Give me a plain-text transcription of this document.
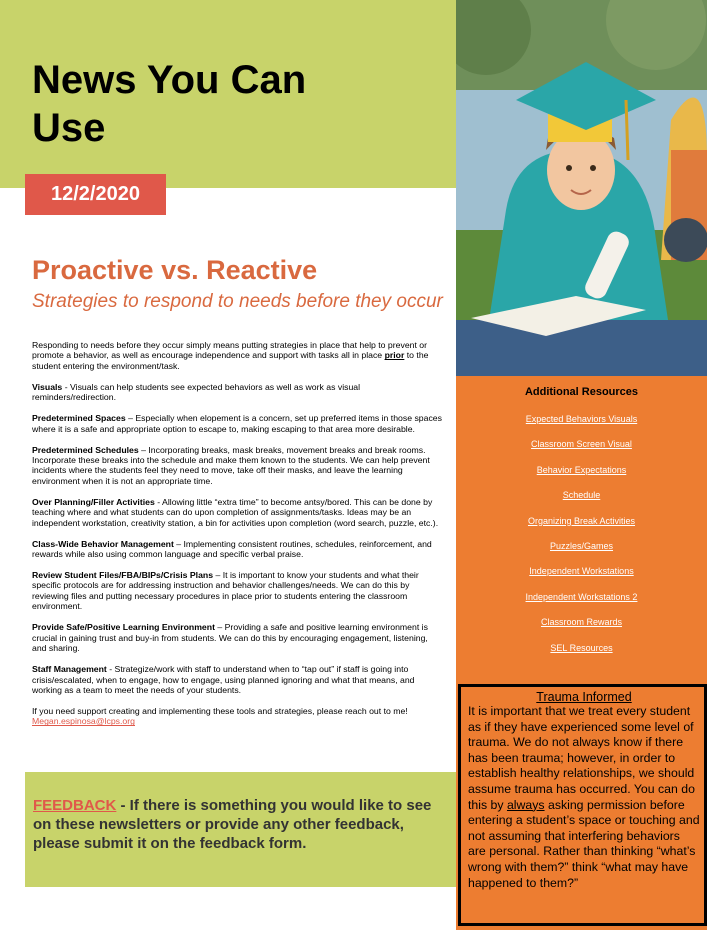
News You Can Use
12/2/2020
Proactive vs. Reactive
Strategies to respond to needs before they occur

Responding to needs before they occur simply means putting strategies in place that help to prevent or promote a behavior, as well as encourage independence and support with tasks all in place prior to the student entering the environment/task.

Visuals - Visuals can help students see expected behaviors as well as work as visual reminders/redirection.

Predetermined Spaces – Especially when elopement is a concern, set up preferred items in those spaces where it is a safe and appropriate option to escape to, making escaping to that area more desirable.

Predetermined Schedules – Incorporating breaks, mask breaks, movement breaks and break rooms. Incorporate these breaks into the schedule and make them known to the students. We can help prevent incidents where the students feel they need to move, take off their masks, and leave the learning environment when it is not an appropriate time.

Over Planning/Filler Activities - Allowing little “extra time” to become antsy/bored. This can be done by teaching where and what students can do upon completion of assignments/tasks. Ideas may be an independent workstation, creativity station, a bin for activities upon completion (word search, puzzle, etc.).

Class-Wide Behavior Management – Implementing consistent routines, schedules, reinforcement, and rewards while also using common language and specific verbal praise.

Review Student Files/FBA/BIPs/Crisis Plans – It is important to know your students and what their specific protocols are for addressing instruction and behavior challenges/needs. We can do this by reviewing files and putting necessary procedures in place prior to students entering the classroom environment.

Provide Safe/Positive Learning Environment – Providing a safe and positive learning environment is crucial in gaining trust and buy-in from students. We can do this by encouraging engagement, listening, and sharing.

Staff Management - Strategize/work with staff to understand when to “tap out” if staff is going into crisis/escalated, when to engage, how to engage, using planned ignoring and what that means, and working as a team to meet the needs of your students.

If you need support creating and implementing these tools and strategies, please reach out to me! Megan.espinosa@lcps.org

FEEDBACK - If there is something you would like to see on these newsletters or provide any other feedback, please submit it on the feedback form.
Additional Resources
Expected Behaviors Visuals
Classroom Screen Visual
Behavior Expectations
Schedule
Organizing Break Activities
Puzzles/Games
Independent Workstations
Independent Workstations 2
Classroom Rewards
SEL Resources
Trauma Informed
It is important that we treat every student as if they have experienced some level of trauma. We do not always know if there has been trauma; however, in order to establish healthy relationships, we should assume trauma has occurred. You can do this by always asking permission before entering a student’s space or touching and not assuming that interfering behaviors are personal. Rather than thinking “what’s wrong with them?” think “what may have happened to them?”
